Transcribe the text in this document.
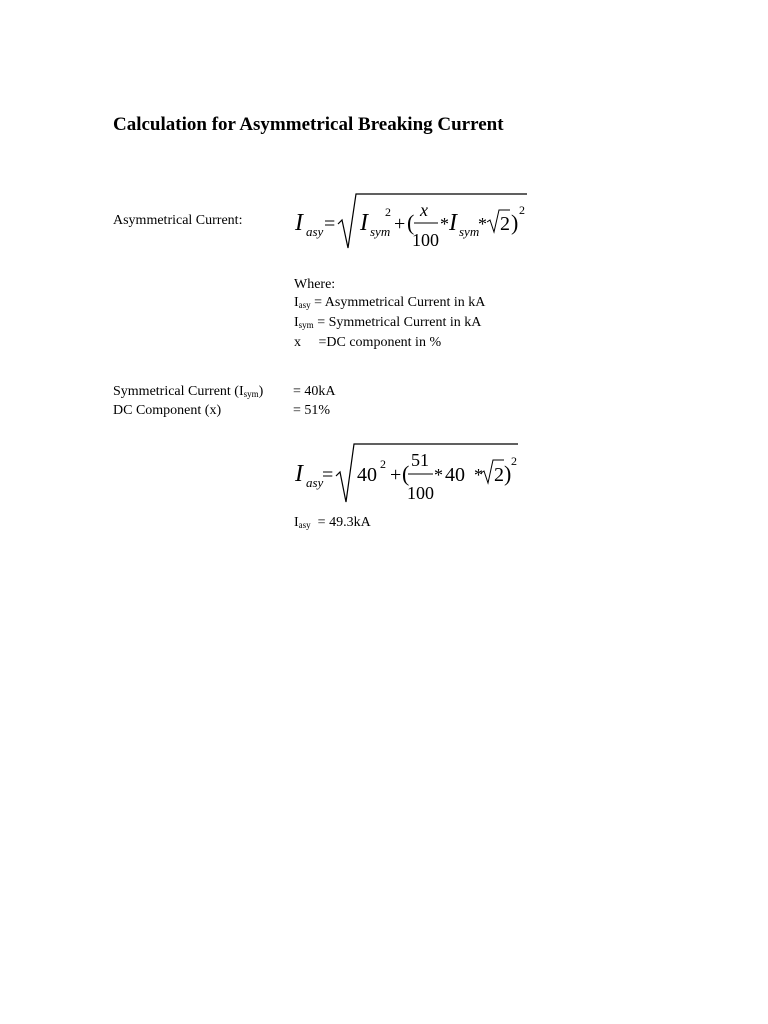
Calculation for Asymmetrical Breaking Current
Asymmetrical Current: I asy = I sym
2
+ ( x
100
* I sym
* 2 ) 2
Where:
$I_{asy}$ = Asymmetrical Current in kA
$I_{sym}$ = Symmetrical Current in kA
x     =DC component in %
Symmetrical Current $(I_{sym}) = 40kA$
DC Component (x)	= 51%
I asy
= 40 2 + (
51
100
* 40 * 2 ) 2
$I_{asy} = 49.3kA$
